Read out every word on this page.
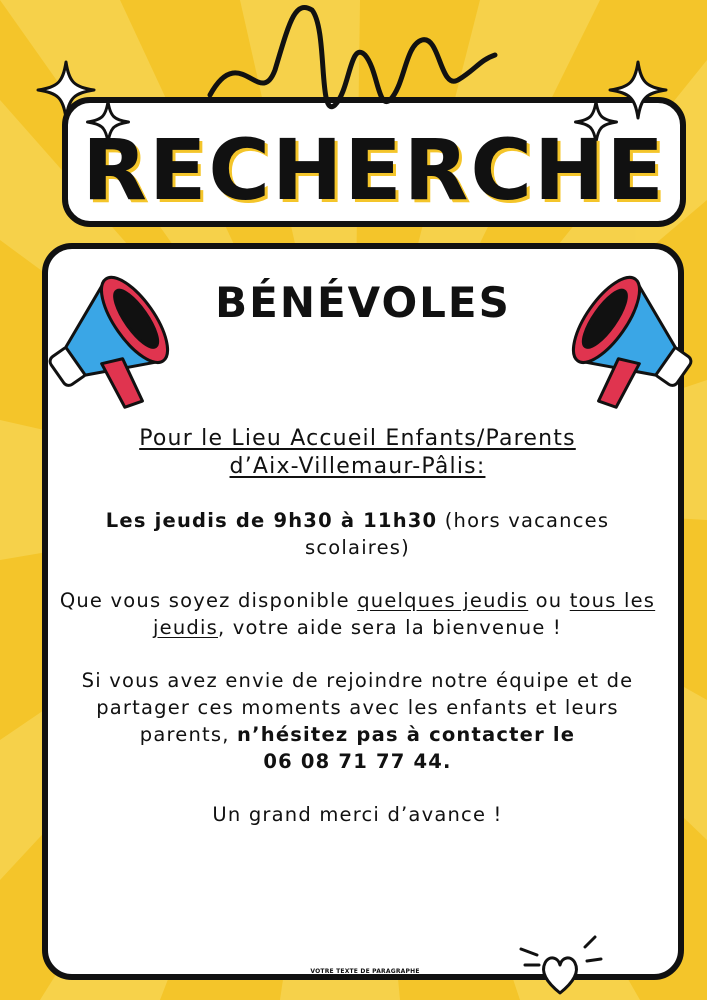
RECHERCHE
BÉNÉVOLES

Pour le Lieu Accueil Enfants/Parents
d’Aix-Villemaur-Pâlis:

Les jeudis de 9h30 à 11h30 (hors vacances scolaires)

Que vous soyez disponible quelques jeudis ou tous les jeudis, votre aide sera la bienvenue !

Si vous avez envie de rejoindre notre équipe et de partager ces moments avec les enfants et leurs parents, n’hésitez pas à contacter le
06 08 71 77 44.

Un grand merci d’avance !

VOTRE TEXTE DE PARAGRAPHE
VOTRE TEXTE DE PARAGRAPHE
